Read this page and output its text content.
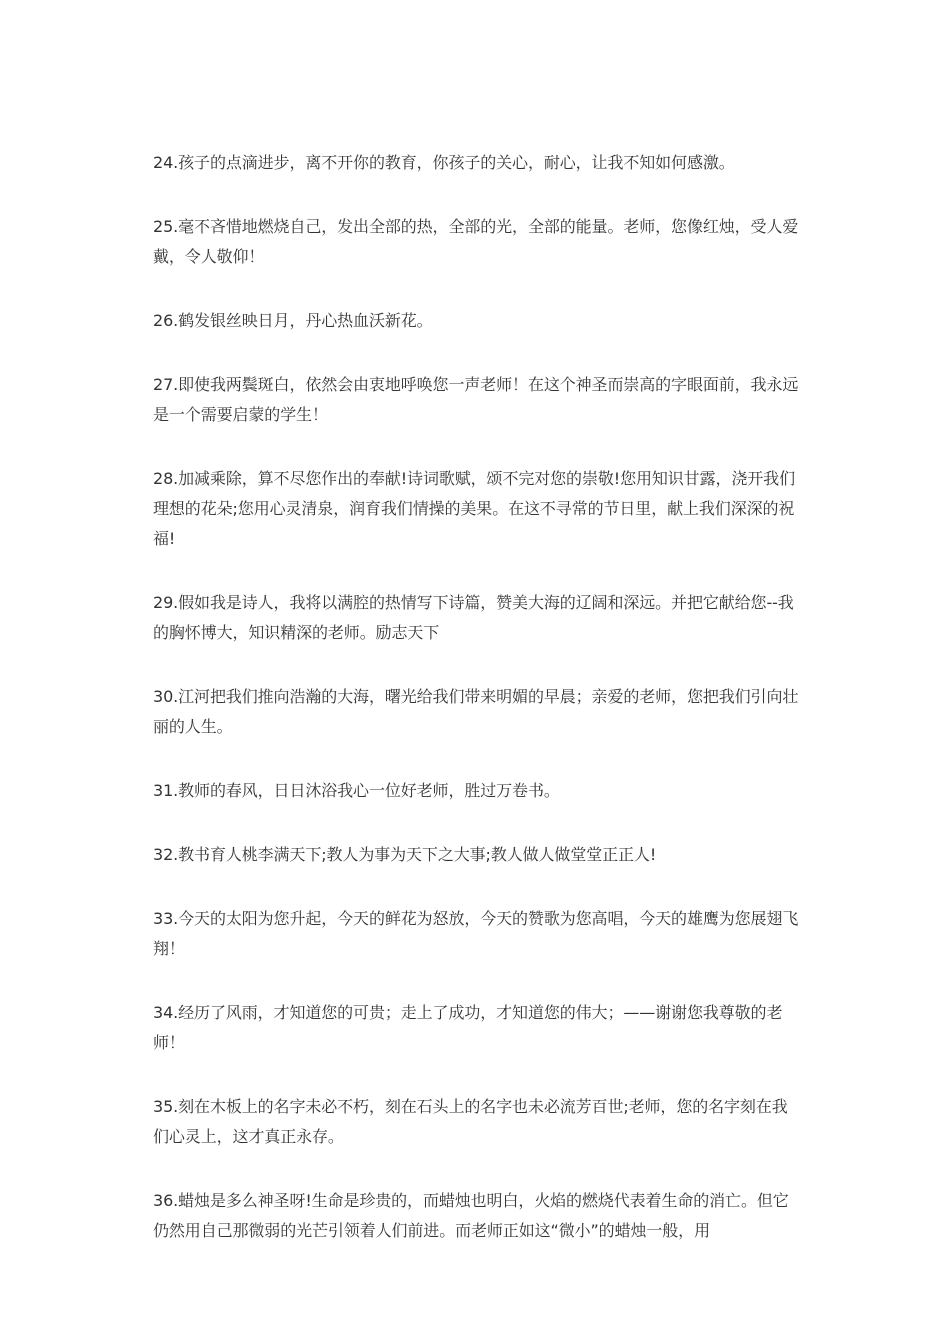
24.孩子的点滴进步，离不开你的教育，你孩子的关心，耐心，让我不知如何感激。

25.毫不吝惜地燃烧自己，发出全部的热，全部的光，全部的能量。老师，您像红烛，受人爱戴，令人敬仰！

26.鹤发银丝映日月，丹心热血沃新花。

27.即使我两鬓斑白，依然会由衷地呼唤您一声老师！在这个神圣而崇高的字眼面前，我永远是一个需要启蒙的学生！

28.加减乘除，算不尽您作出的奉献!诗词歌赋，颂不完对您的崇敬!您用知识甘露，浇开我们理想的花朵;您用心灵清泉，润育我们情操的美果。在这不寻常的节日里，献上我们深深的祝福!

29.假如我是诗人，我将以满腔的热情写下诗篇，赞美大海的辽阔和深远。并把它献给您--我的胸怀博大，知识精深的老师。励志天下

30.江河把我们推向浩瀚的大海，曙光给我们带来明媚的早晨；亲爱的老师，您把我们引向壮丽的人生。

31.教师的春风，日日沐浴我心一位好老师，胜过万卷书。

32.教书育人桃李满天下;教人为事为天下之大事;教人做人做堂堂正正人!

33.今天的太阳为您升起，今天的鲜花为怒放，今天的赞歌为您高唱，今天的雄鹰为您展翅飞翔！

34.经历了风雨，才知道您的可贵；走上了成功，才知道您的伟大；——谢谢您我尊敬的老师！

35.刻在木板上的名字未必不朽，刻在石头上的名字也未必流芳百世;老师，您的名字刻在我们心灵上，这才真正永存。

36.蜡烛是多么神圣呀!生命是珍贵的，而蜡烛也明白，火焰的燃烧代表着生命的消亡。但它仍然用自己那微弱的光芒引领着人们前进。而老师正如这“微小”的蜡烛一般，用
